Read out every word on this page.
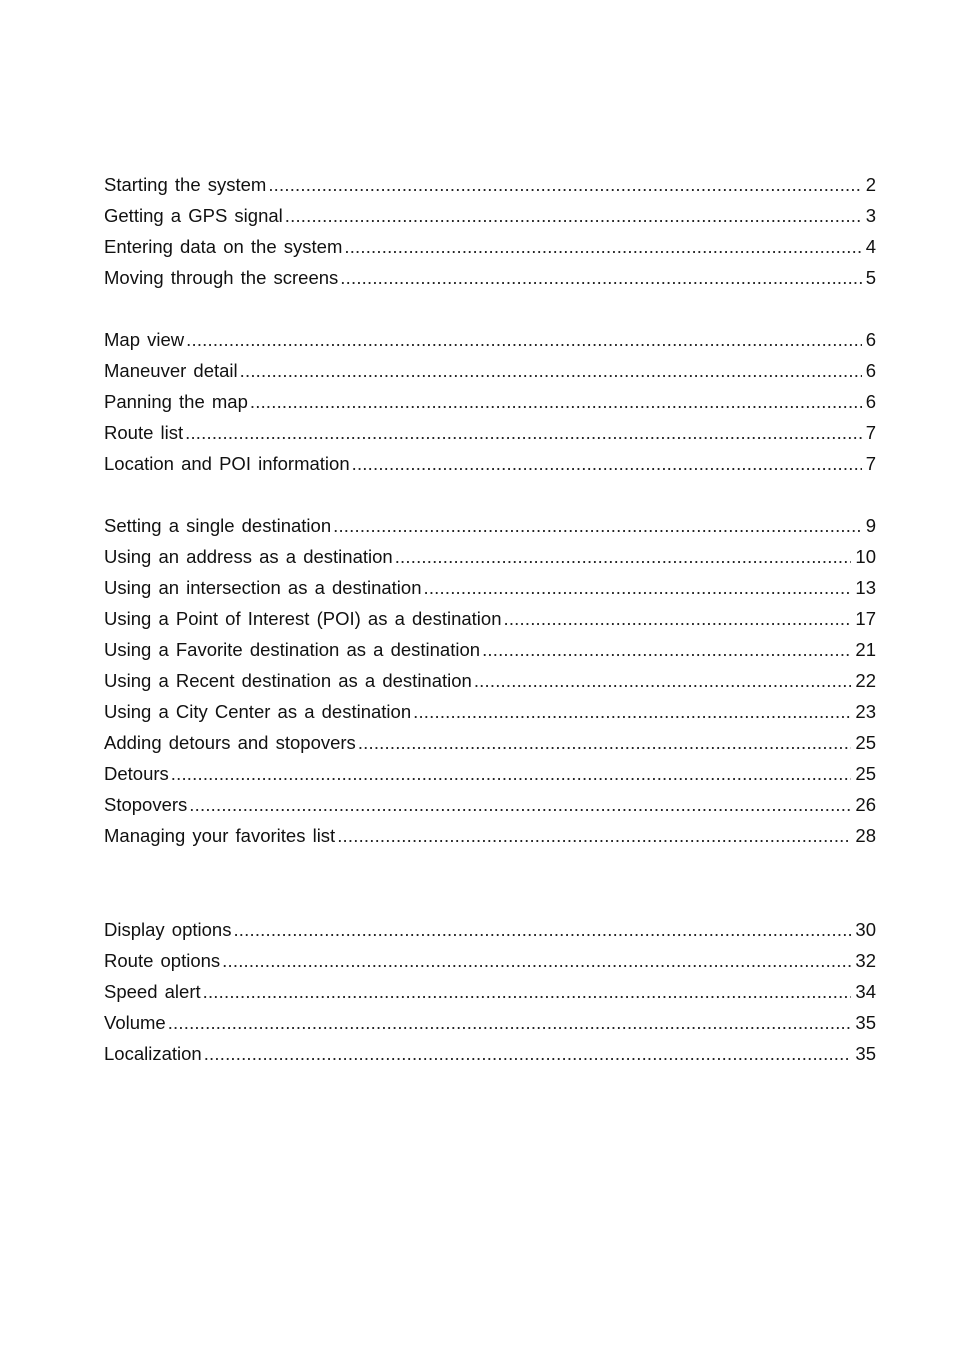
Starting the system .....	2
Getting a GPS signal .....	3
Entering data on the system .....	4
Moving through the screens .....	5
Map view .....	6
Maneuver detail .....	6
Panning the map .....	6
Route list .....	7
Location and POI information .....	7
Setting a single destination .....	9
Using an address as a destination .....	10
Using an intersection as a destination .....	13
Using a Point of Interest (POI) as a destination .....	17
Using a Favorite destination as a destination .....	21
Using a Recent destination as a destination .....	22
Using a City Center as a destination .....	23
Adding detours and stopovers .....	25
Detours .....	25
Stopovers .....	26
Managing your favorites list .....	28
Display options .....	30
Route options .....	32
Speed alert .....	34
Volume .....	35
Localization .....	35
